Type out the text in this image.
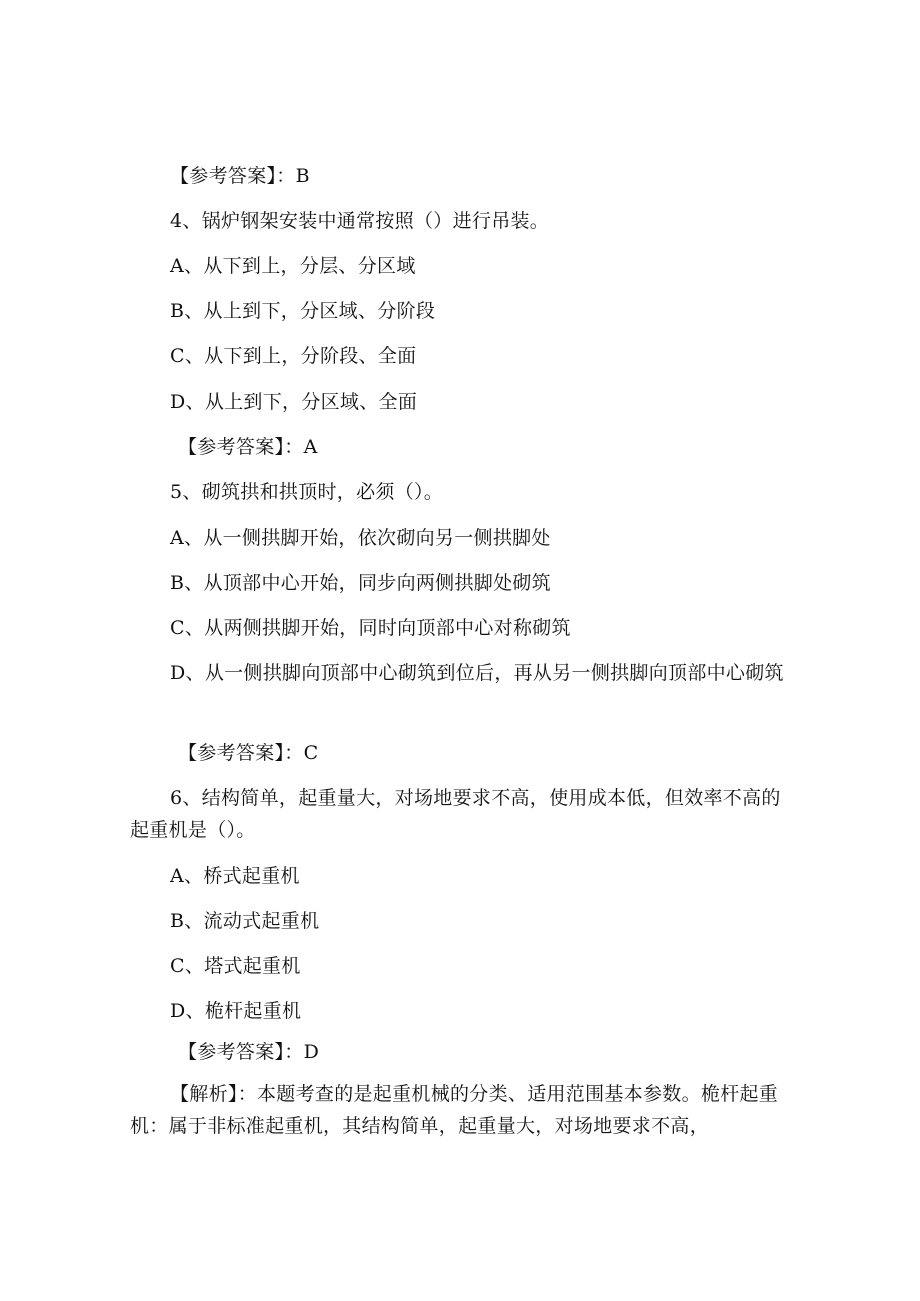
【参考答案】：B
4、锅炉钢架安装中通常按照（）进行吊装。
A、从下到上，分层、分区域
B、从上到下，分区域、分阶段
C、从下到上，分阶段、全面
D、从上到下，分区域、全面
【参考答案】：A
5、砌筑拱和拱顶时，必须（）。
A、从一侧拱脚开始，依次砌向另一侧拱脚处
B、从顶部中心开始，同步向两侧拱脚处砌筑
C、从两侧拱脚开始，同时向顶部中心对称砌筑
D、从一侧拱脚向顶部中心砌筑到位后，再从另一侧拱脚向顶部中心砌筑
【参考答案】：C
6、结构简单，起重量大，对场地要求不高，使用成本低，但效率不高的起重机是（）。
A、桥式起重机
B、流动式起重机
C、塔式起重机
D、桅杆起重机
【参考答案】：D
【解析】：本题考查的是起重机械的分类、适用范围基本参数。桅杆起重机：属于非标准起重机，其结构简单，起重量大，对场地要求不高，
